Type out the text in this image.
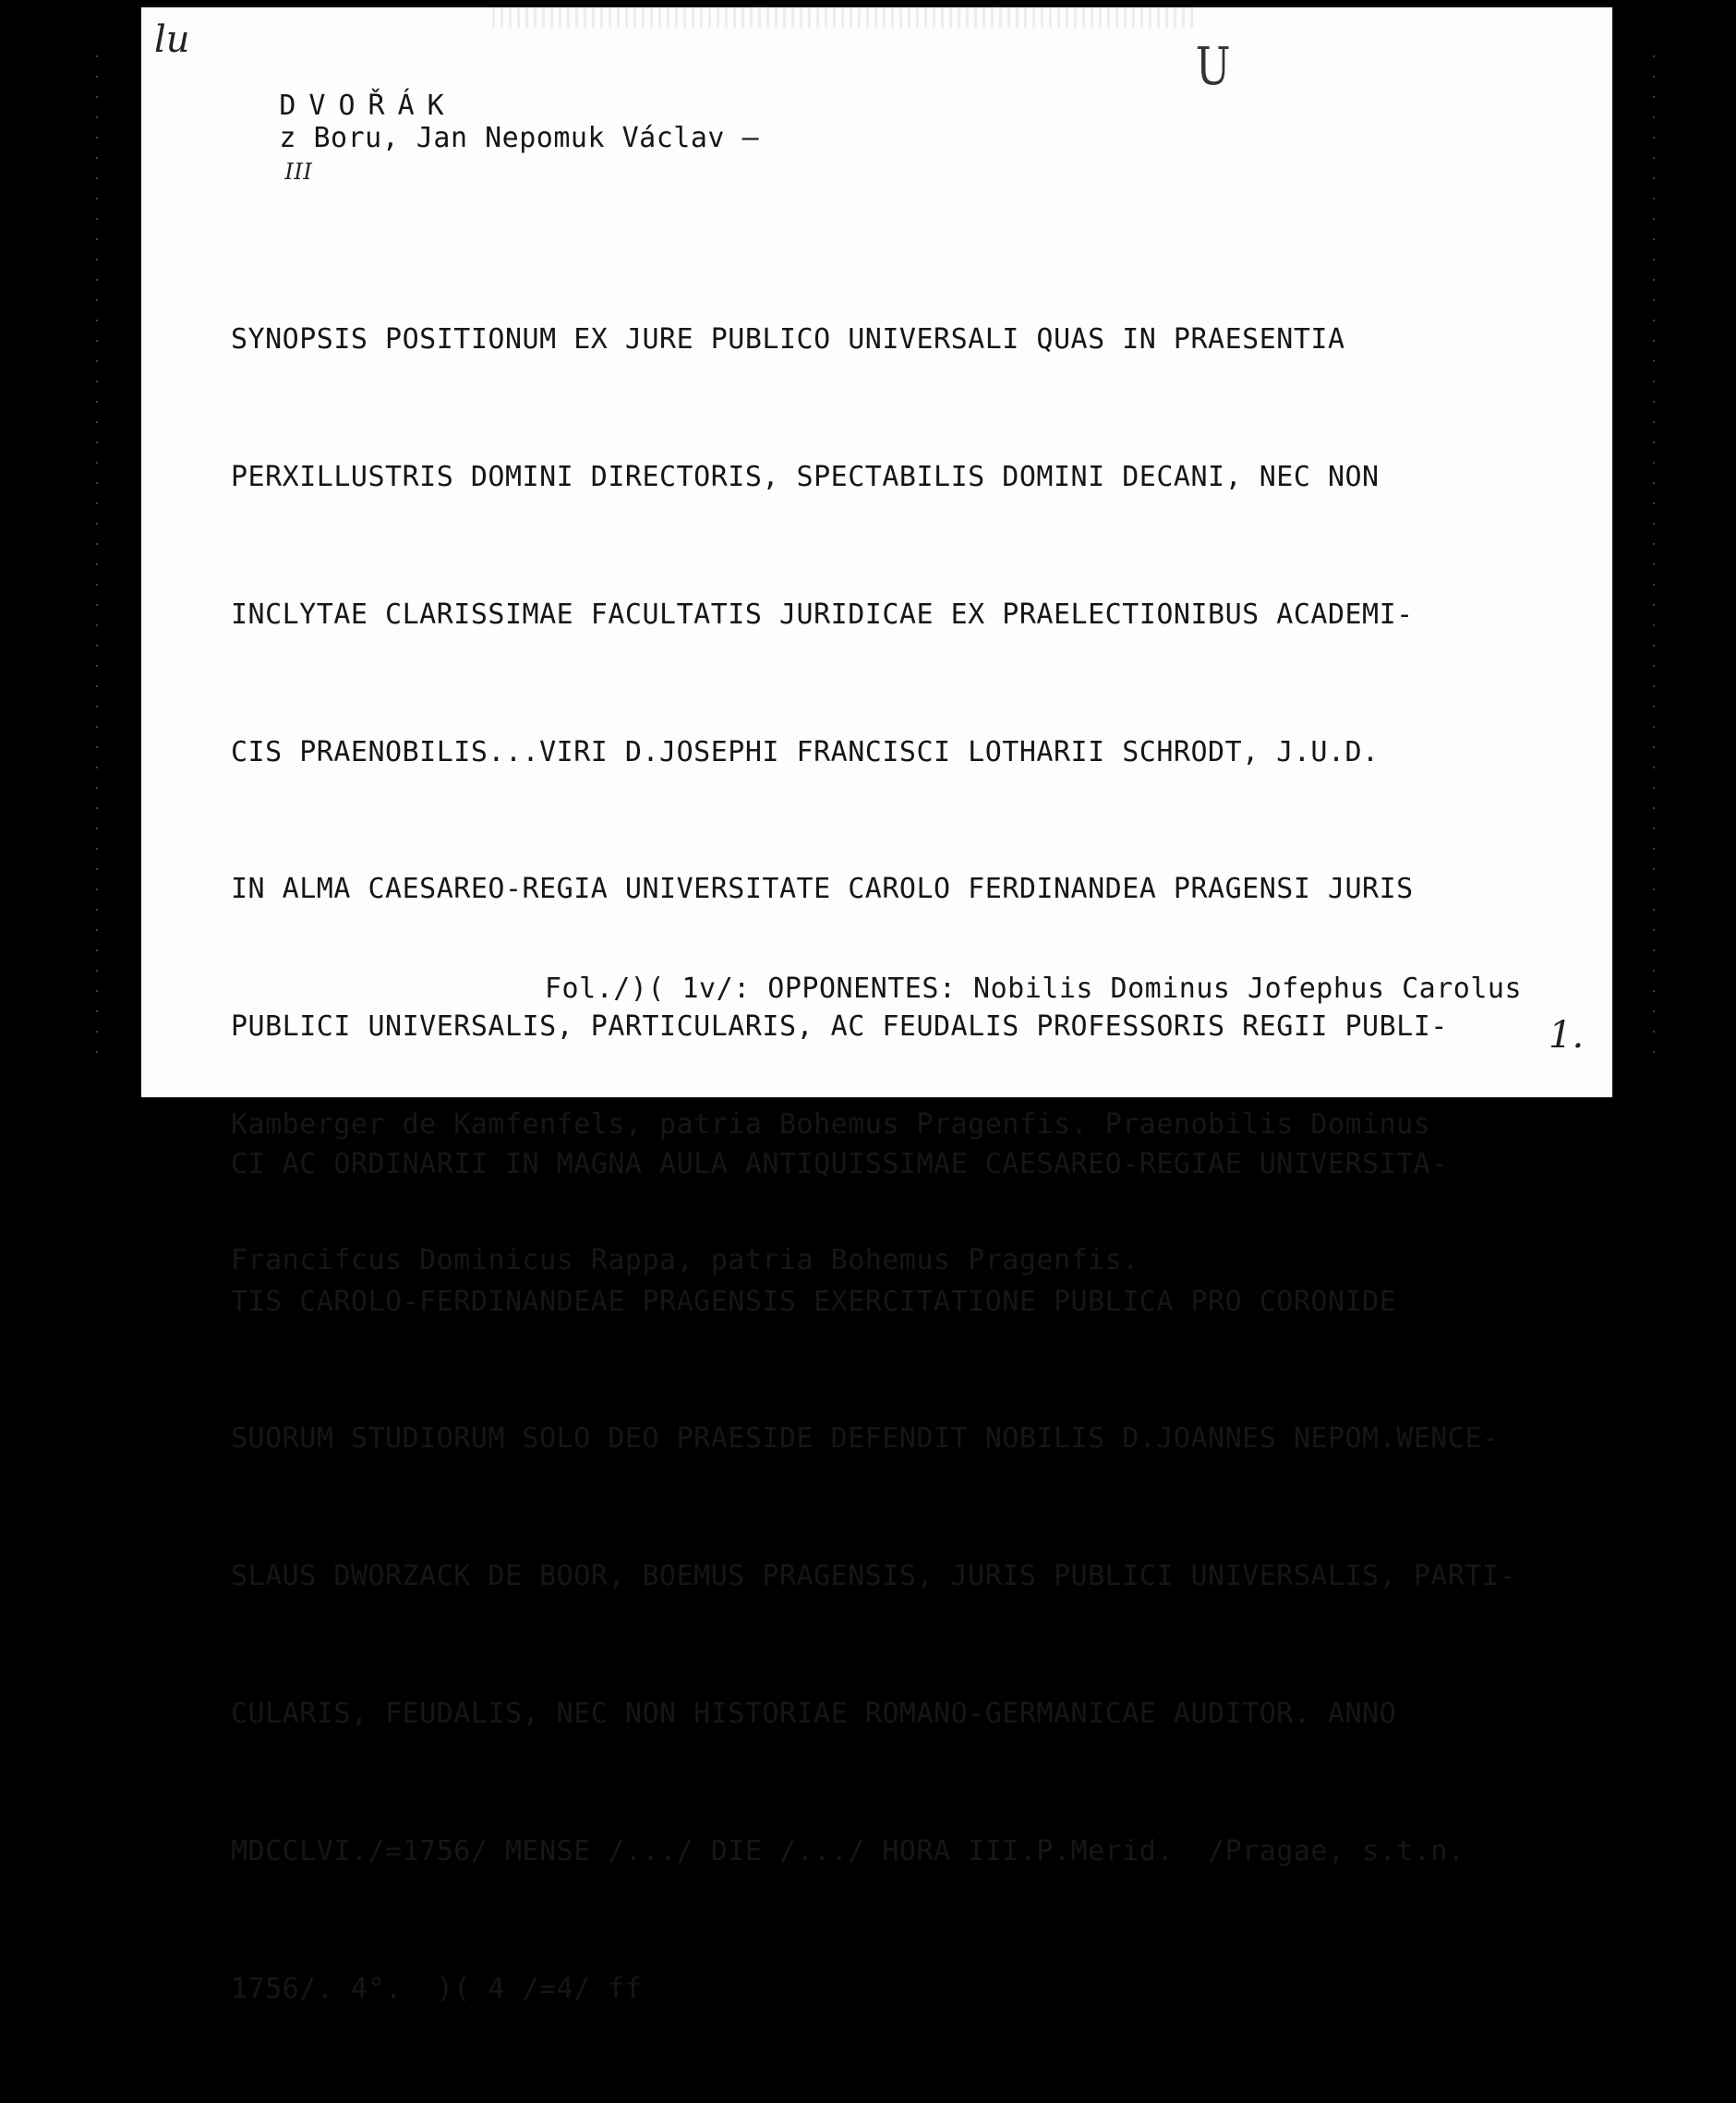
lu

DVOŘÁK
z Boru, Jan Nepomuk Václav –
III

U

SYNOPSIS POSITIONUM EX JURE PUBLICO UNIVERSALI QUAS IN PRAESENTIA

PERXILLUSTRIS DOMINI DIRECTORIS, SPECTABILIS DOMINI DECANI, NEC NON

INCLYTAE CLARISSIMAE FACULTATIS JURIDICAE EX PRAELECTIONIBUS ACADEMI-

CIS PRAENOBILIS...VIRI D.JOSEPHI FRANCISCI LOTHARII SCHRODT, J.U.D.

IN ALMA CAESAREO-REGIA UNIVERSITATE CAROLO FERDINANDEA PRAGENSI JURIS

PUBLICI UNIVERSALIS, PARTICULARIS, AC FEUDALIS PROFESSORIS REGII PUBLI-

CI AC ORDINARII IN MAGNA AULA ANTIQUISSIMAE CAESAREO-REGIAE UNIVERSITA-

TIS CAROLO-FERDINANDEAE PRAGENSIS EXERCITATIONE PUBLICA PRO CORONIDE

SUORUM STUDIORUM SOLO DEO PRAESIDE DEFENDIT NOBILIS D.JOANNES NEPOM.WENCE-

SLAUS DWORZACK DE BOOR, BOEMUS PRAGENSIS, JURIS PUBLICI UNIVERSALIS, PARTI-

CULARIS, FEUDALIS, NEC NON HISTORIAE ROMANO-GERMANICAE AUDITOR. ANNO

MDCCLVI./=1756/ MENSE /.../ DIE /.../ HORA III.P.Merid.  /Pragae, s.t.n.

1756/. 4°.  )( 4 /=4/ ff

Fol./)( 1v/: OPPONENTES: Nobilis Dominus Jofephus Carolus

Kamberger de Kamfenfels, patria Bohemus Pragenfis. Praenobilis Dominus

Francifcus Dominicus Rappa, patria Bohemus Pragenfis.

1.
